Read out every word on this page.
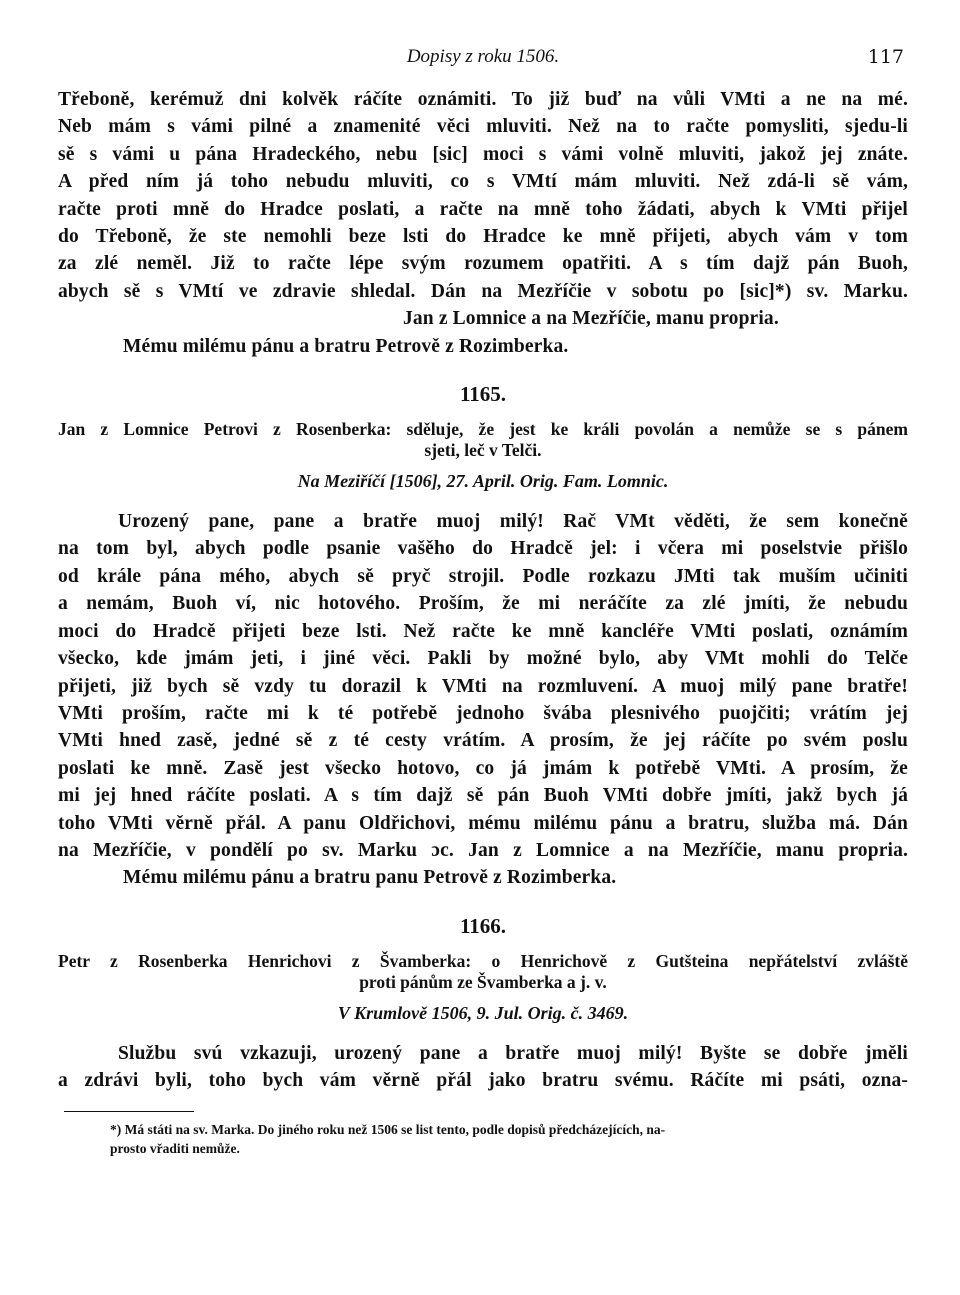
Dopisy z roku 1506.	117

Třeboně, kerémuž dni kolvěk ráčíte oznámiti. To již buď na vůli VMti a ne na mé.

Neb mám s vámi pilné a znamenité věci mluviti. Než na to račte pomysliti, sjedu-li

sě s vámi u pána Hradeckého, nebu [sic] moci s vámi volně mluviti, jakož jej znáte.

A před ním já toho nebudu mluviti, co s VMtí mám mluviti. Než zdá-li sě vám,

račte proti mně do Hradce poslati, a račte na mně toho žádati, abych k VMti přijel

do Třeboně, že ste nemohli beze lsti do Hradce ke mně přijeti, abych vám v tom

za zlé neměl. Již to račte lépe svým rozumem opatřiti. A s tím dajž pán Buoh,

abych sě s VMtí ve zdravie shledal. Dán na Mezříčie v sobotu po [sic]*) sv. Marku.

Jan z Lomnice a na Mezříčie, manu propria.

Mému milému pánu a bratru Petrově z Rozimberka.

1165.
Jan z Lomnice Petrovi z Rosenberka: sděluje, že jest ke králi povolán a nemůže se s pánem
sjeti, leč v Telči.
Na Meziříčí [1506], 27. April. Orig. Fam. Lomnic.

Urozený pane, pane a bratře muoj milý! Rač VMt věděti, že sem konečně

na tom byl, abych podle psanie vašěho do Hradcě jel: i včera mi poselstvie přišlo

od krále pána mého, abych sě pryč strojil. Podle rozkazu JMti tak muším učiniti

a nemám, Buoh ví, nic hotového. Proším, že mi neráčíte za zlé jmíti, že nebudu

moci do Hradcě přijeti beze lsti. Než račte ke mně kancléře VMti poslati, oznámím

všecko, kde jmám jeti, i jiné věci. Pakli by možné bylo, aby VMt mohli do Telče

přijeti, již bych sě vzdy tu dorazil k VMti na rozmluvení. A muoj milý pane bratře!

VMti proším, račte mi k té potřebě jednoho švába plesnivého puojčiti; vrátím jej

VMti hned zasě, jedné sě z té cesty vrátím. A prosím, že jej ráčíte po svém poslu

poslati ke mně. Zasě jest všecko hotovo, co já jmám k potřebě VMti. A prosím, že

mi jej hned ráčíte poslati. A s tím dajž sě pán Buoh VMti dobře jmíti, jakž bych já

toho VMti věrně přál. A panu Oldřichovi, mému milému pánu a bratru, služba má. Dán

na Mezříčie, v pondělí po sv. Marku ɔc. Jan z Lomnice a na Mezříčie, manu propria.

Mému milému pánu a bratru panu Petrově z Rozimberka.

1166.
Petr z Rosenberka Henrichovi z Švamberka: o Henrichově z Gutšteina nepřátelství zvláště
proti pánům ze Švamberka a j. v.
V Krumlově 1506, 9. Jul. Orig. č. 3469.

Službu svú vzkazuji, urozený pane a bratře muoj milý! Byšte se dobře jměli

a zdrávi byli, toho bych vám věrně přál jako bratru svému. Ráčíte mi psáti, ozna-

*) Má státi na sv. Marka. Do jiného roku než 1506 se list tento, podle dopisů předcházejících, na-
prosto vřaditi nemůže.
